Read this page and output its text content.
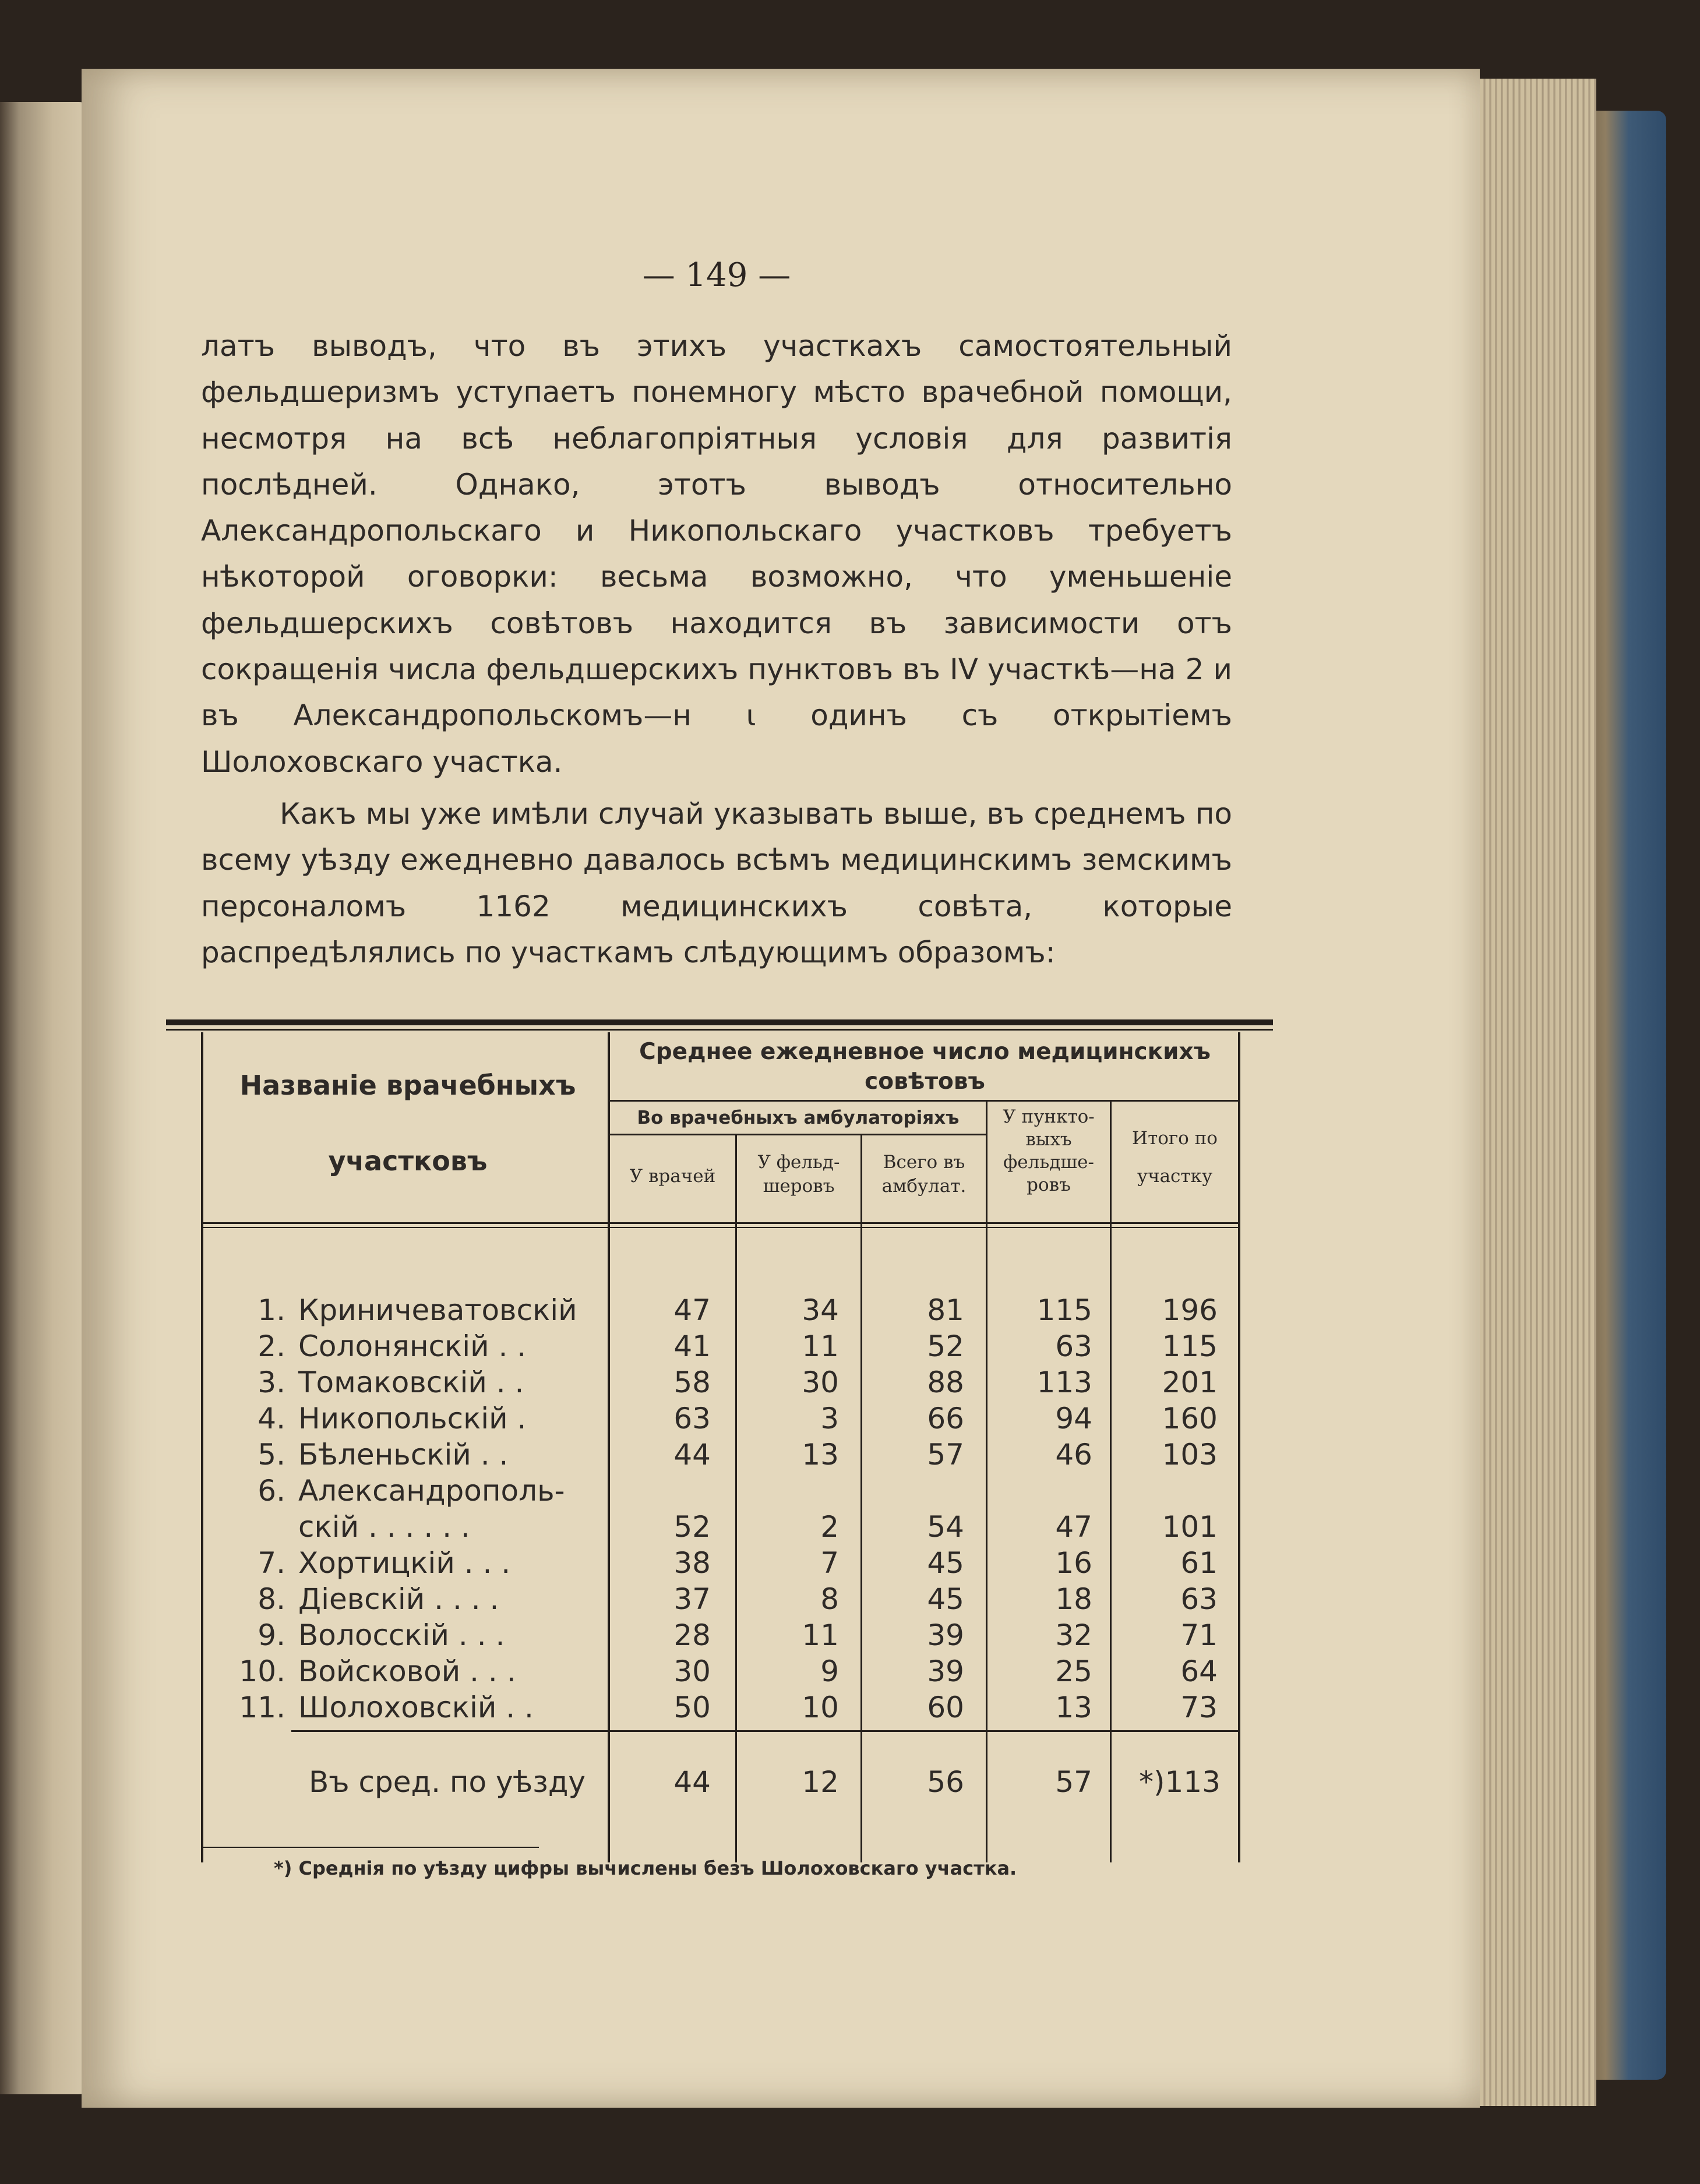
— 149 —

латъ выводъ, что въ этихъ участкахъ самостоятельный фельдшеризмъ уступаетъ понемногу мѣсто врачебной помощи, несмотря на всѣ неблагопріятныя условія для развитія послѣдней. Однако, этотъ выводъ относительно Александропольскаго и Никопольскаго участковъ требуетъ нѣкоторой оговорки: весьма возможно, что уменьшеніе фельдшерскихъ совѣтовъ находится въ зависимости отъ сокращенія числа фельдшерскихъ пунктовъ въ IV участкѣ—на 2 и въ Александропольскомъ—н ι одинъ съ открытіемъ Шолоховскаго участка.

Какъ мы уже имѣли случай указывать выше, въ среднемъ по всему уѣзду ежедневно давалось всѣмъ медицинскимъ земскимъ персоналомъ 1162 медицинскихъ совѣта, которые распредѣлялись по участкамъ слѣдующимъ образомъ:

Названіе врачебныхъ
участковъ
Среднее ежедневное число медицинскихъ
совѣтовъ
Во врачебныхъ амбулаторіяхъ
У врачей
У фельд-
шеровъ
Всего въ
амбулат.
У пункто-
выхъ
фельдше-
ровъ
Итого по
участку
1. Криничеватовскій	47	34	81	115	196
2. Солонянскій . .	41	11	52	63	115
3. Томаковскій . .	58	30	88	113	201
4. Никопольскій .	63	3	66	94	160
5. Бѣленьскій . .	44	13	57	46	103
6. Александрополь-
скій . . . . . .	52	2	54	47	101
7. Хортицкій . . .	38	7	45	16	61
8. Діевскій . . . .	37	8	45	18	63
9. Волосскій . . .	28	11	39	32	71
10. Войсковой . . .	30	9	39	25	64
11. Шолоховскій . .	50	10	60	13	73
Въ сред. по уѣзду	44	12	56	57	*)113
*) Среднія по уѣзду цифры вычислены безъ Шолоховскаго участка.
